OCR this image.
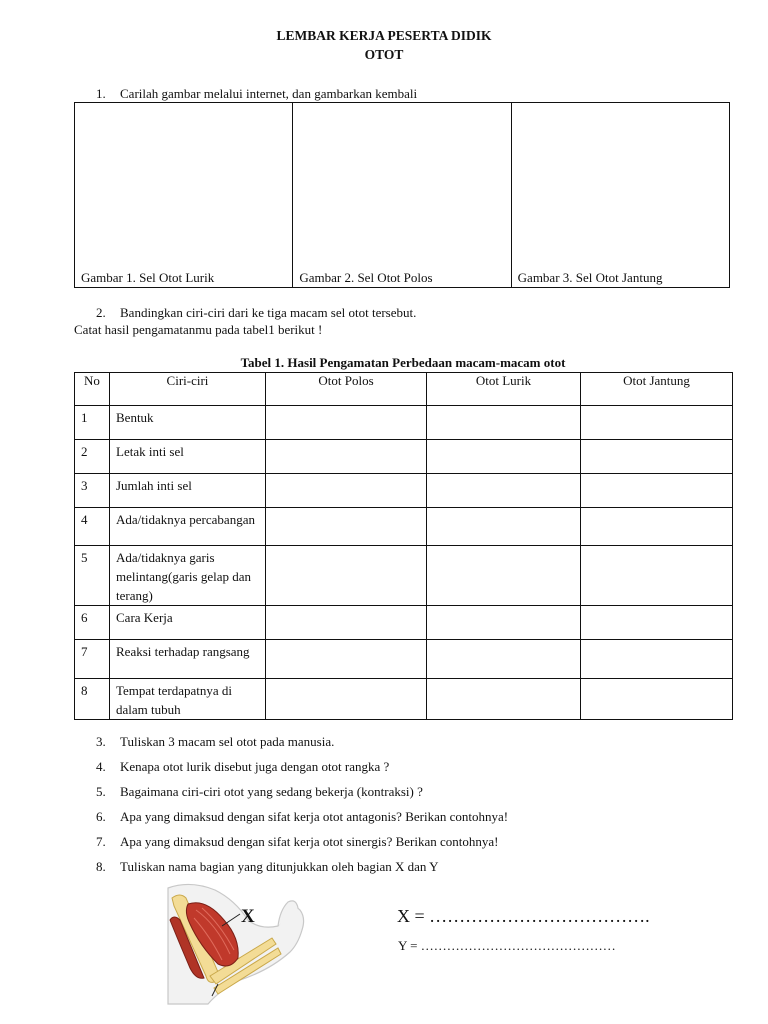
LEMBAR KERJA PESERTA DIDIK
OTOT
1. Carilah gambar melalui internet, dan gambarkan kembali
Gambar 1. Sel Otot Lurik	Gambar 2. Sel Otot Polos	Gambar 3. Sel Otot Jantung
2. Bandingkan ciri-ciri dari ke tiga macam sel otot tersebut.
Catat hasil pengamatanmu pada tabel1 berikut !
Tabel 1. Hasil Pengamatan Perbedaan macam-macam otot
No	Ciri-ciri	Otot Polos	Otot Lurik	Otot Jantung
1	Bentuk			
2	Letak inti sel			
3	Jumlah inti sel			
4	Ada/tidaknya percabangan			
5	Ada/tidaknya garis melintang(garis gelap dan terang)			
6	Cara Kerja			
7	Reaksi terhadap rangsang			
8	Tempat terdapatnya di dalam tubuh			
3. Tuliskan 3 macam sel otot pada manusia.
4. Kenapa otot lurik disebut juga dengan otot rangka ?
5. Bagaimana ciri-ciri otot yang sedang bekerja (kontraksi) ?
6. Apa yang dimaksud dengan sifat kerja otot antagonis? Berikan contohnya!
7. Apa yang dimaksud dengan sifat kerja otot sinergis? Berikan contohnya!
8. Tuliskan nama bagian yang ditunjukkan oleh bagian X dan Y
X	X = ……………………………….
Y = ………………………………………
